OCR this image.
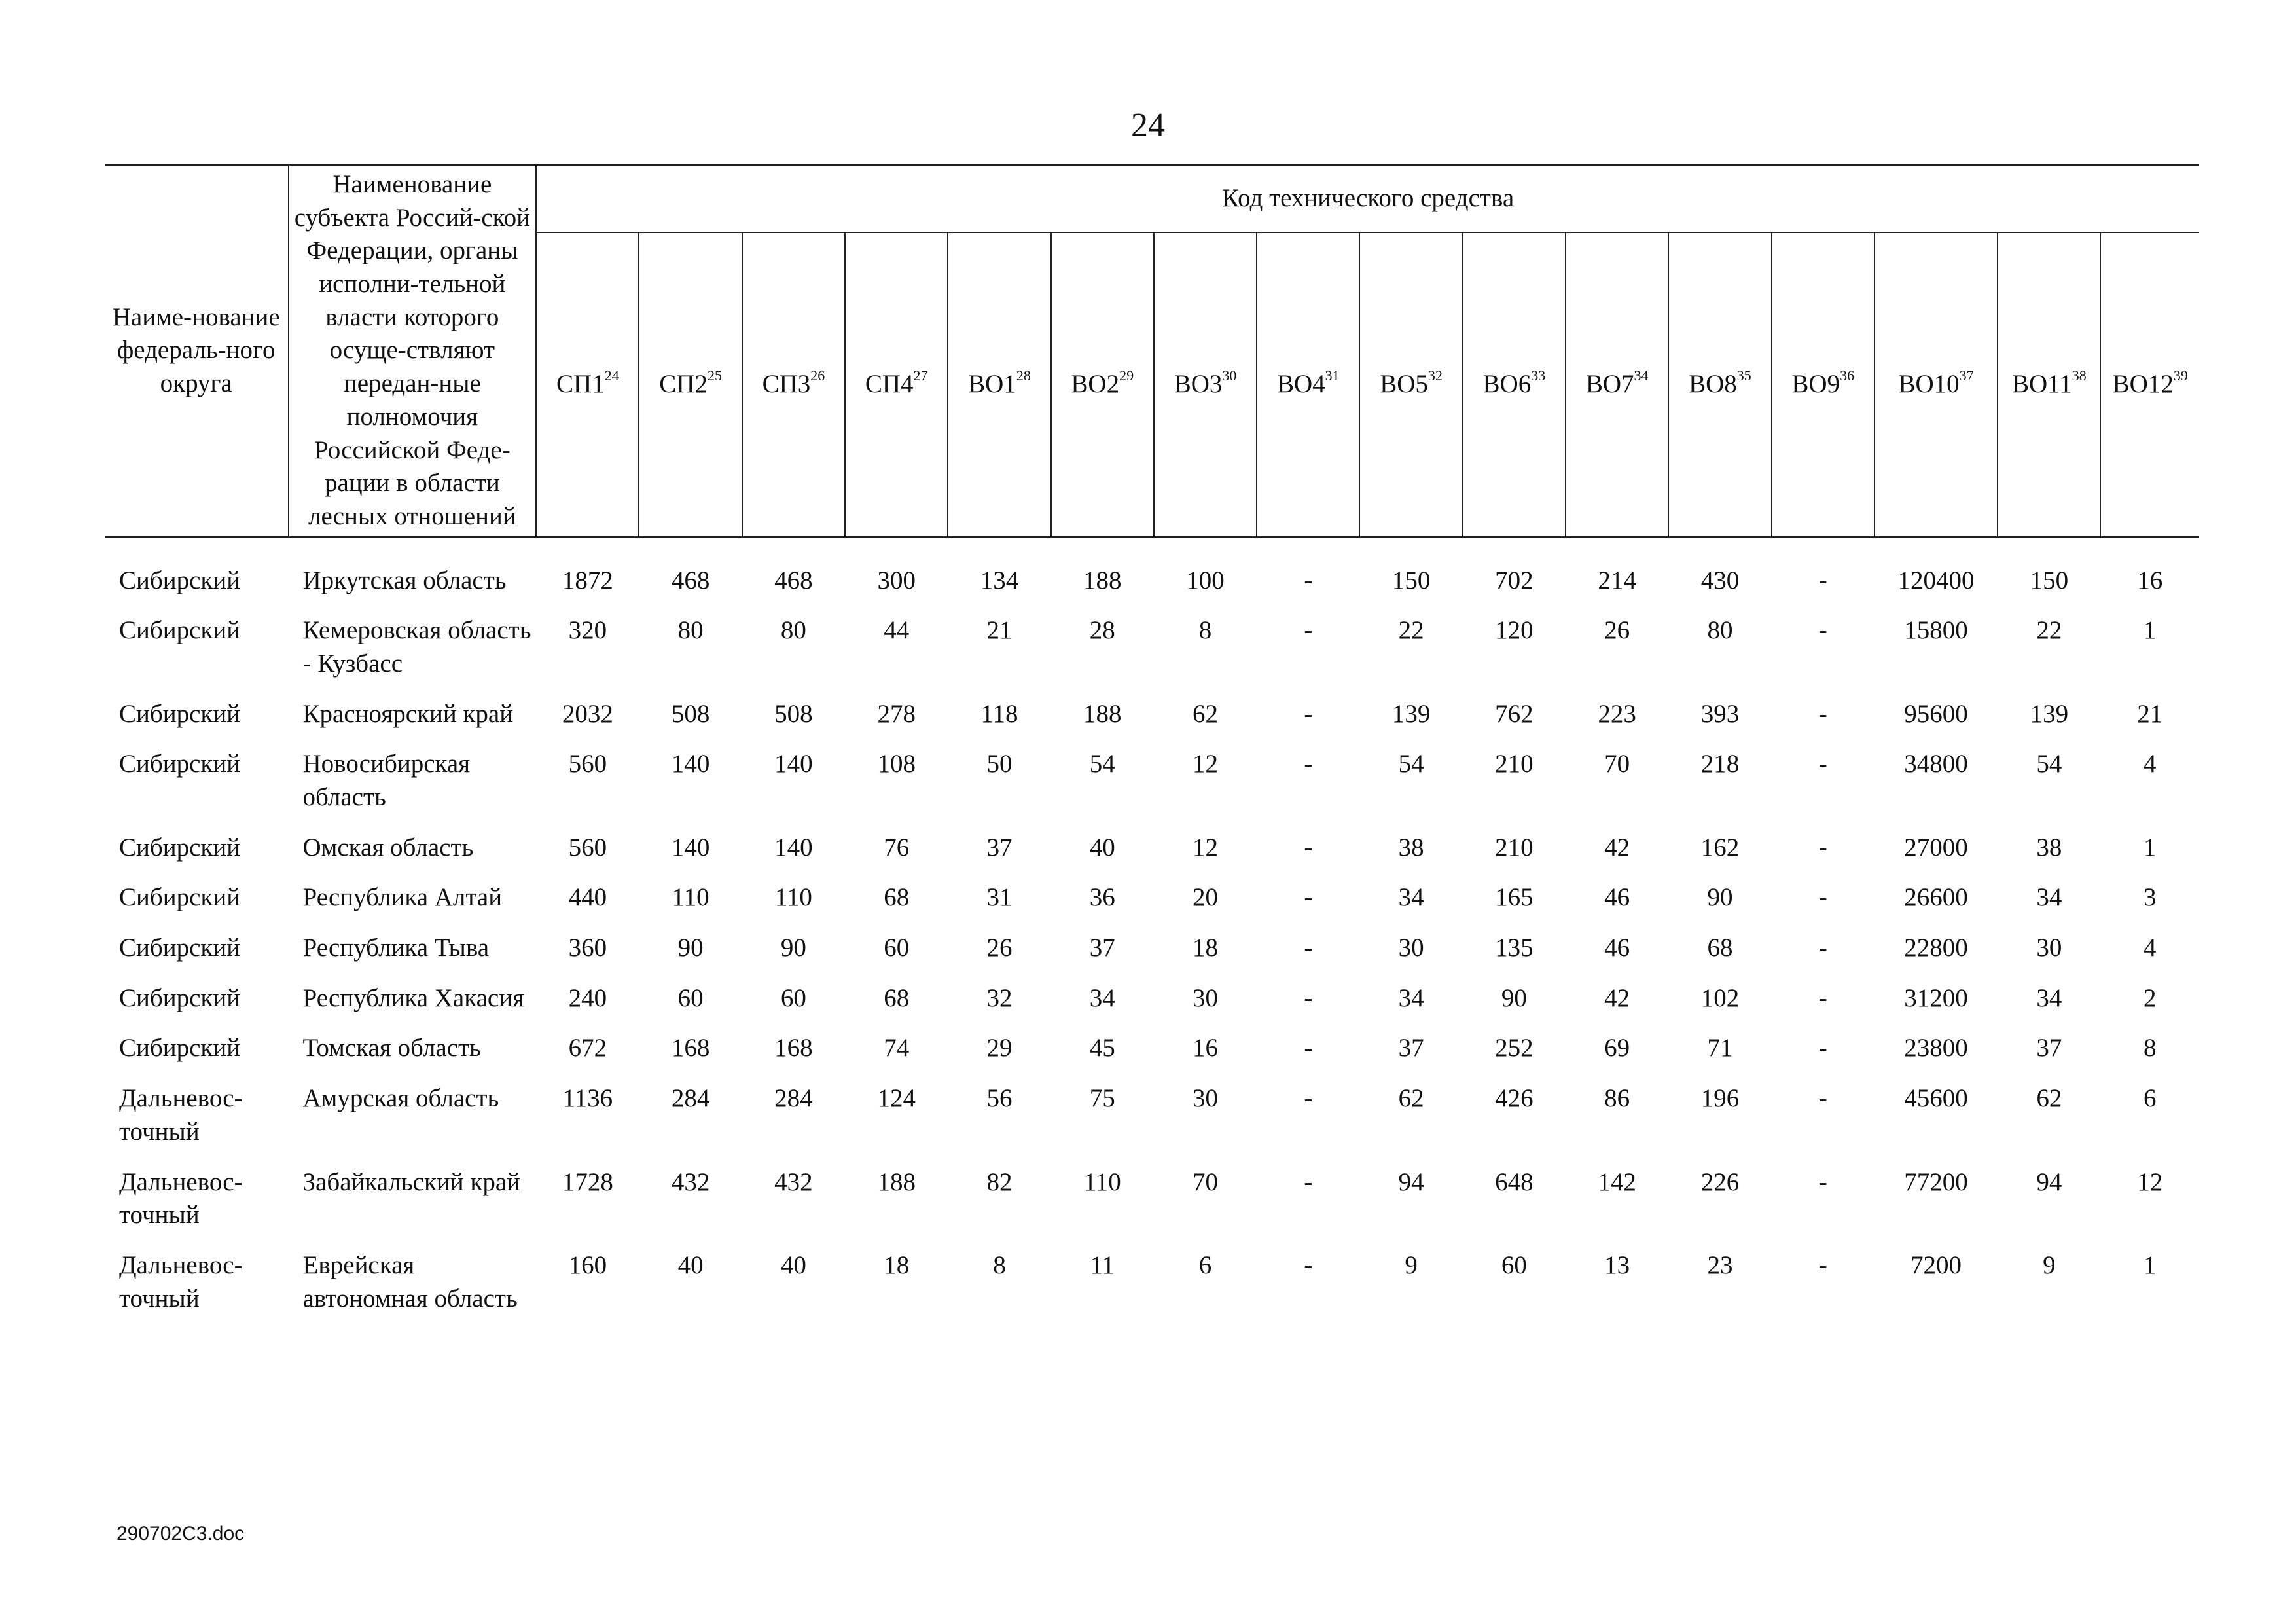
24
Наиме-нование федераль-ного округа	Наименование субъекта Россий-ской Федерации, органы исполни-тельной власти которого осуще-ствляют передан-ные полномочия Российской Феде-рации в области лесных отношений	Код технического средства															
		$СП1^{24}$	$СП2^{25}$	$СП3^{26}$	$СП4^{27}$	$ВО1^{28}$	$ВО2^{29}$	$ВО3^{30}$	$ВО4^{31}$	$ВО5^{32}$	$ВО6^{33}$	$ВО7^{34}$	$ВО8^{35}$	$ВО9^{36}$	$ВО10^{37}$	$ВО11^{38}$	$ВО12^{39}$
Сибирский	Иркутская область	1872	468	468	300	134	188	100	-	150	702	214	430	-	120400	150	16
Сибирский	Кемеровская область - Кузбасс	320	80	80	44	21	28	8	-	22	120	26	80	-	15800	22	1
Сибирский	Красноярский край	2032	508	508	278	118	188	62	-	139	762	223	393	-	95600	139	21
Сибирский	Новосибирская область	560	140	140	108	50	54	12	-	54	210	70	218	-	34800	54	4
Сибирский	Омская область	560	140	140	76	37	40	12	-	38	210	42	162	-	27000	38	1
Сибирский	Республика Алтай	440	110	110	68	31	36	20	-	34	165	46	90	-	26600	34	3
Сибирский	Республика Тыва	360	90	90	60	26	37	18	-	30	135	46	68	-	22800	30	4
Сибирский	Республика Хакасия	240	60	60	68	32	34	30	-	34	90	42	102	-	31200	34	2
Сибирский	Томская область	672	168	168	74	29	45	16	-	37	252	69	71	-	23800	37	8
Дальневос-точный	Амурская область	1136	284	284	124	56	75	30	-	62	426	86	196	-	45600	62	6
Дальневос-точный	Забайкальский край	1728	432	432	188	82	110	70	-	94	648	142	226	-	77200	94	12
Дальневос-точный	Еврейская автономная область	160	40	40	18	8	11	6	-	9	60	13	23	-	7200	9	1
290702C3.doc
